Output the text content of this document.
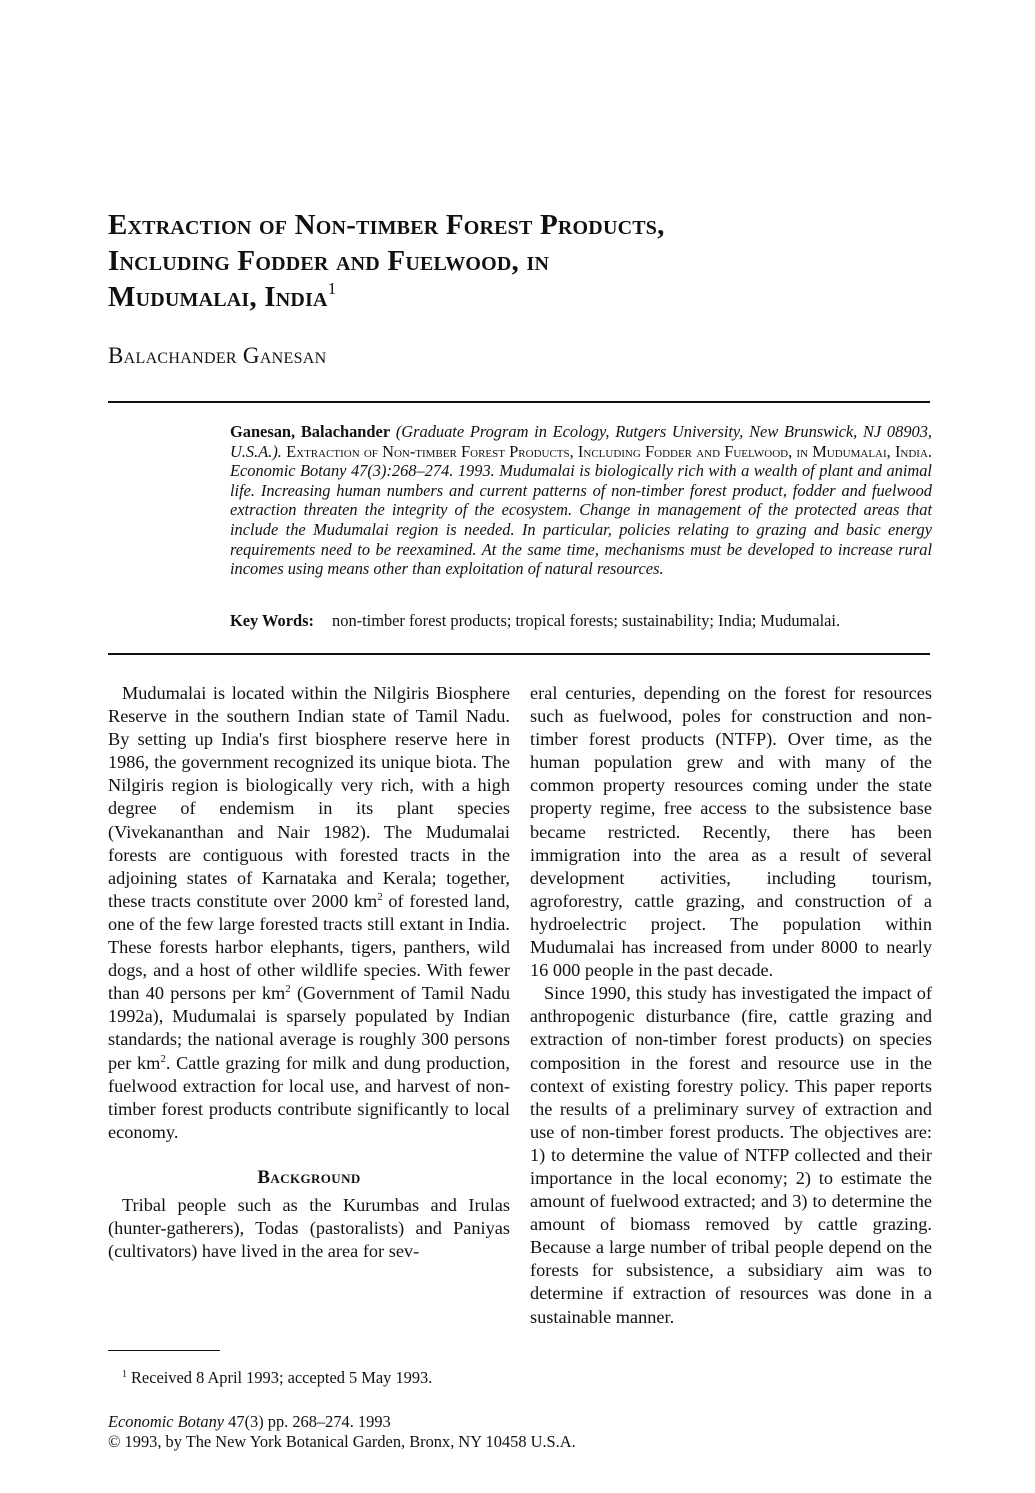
Extraction of Non-timber Forest Products,
Including Fodder and Fuelwood, in
Mudumalai, India$^1$
Balachander Ganesan
Ganesan, Balachander (Graduate Program in Ecology, Rutgers University, New Brunswick, NJ 08903, U.S.A.). Extraction of Non-timber Forest Products, Including Fodder and Fuelwood, in Mudumalai, India. Economic Botany 47(3):268–274. 1993. Mudumalai is biologically rich with a wealth of plant and animal life. Increasing human numbers and current patterns of non-timber forest product, fodder and fuelwood extraction threaten the integrity of the ecosystem. Change in management of the protected areas that include the Mudumalai region is needed. In particular, policies relating to grazing and basic energy requirements need to be reexamined. At the same time, mechanisms must be developed to increase rural incomes using means other than exploitation of natural resources.
Key Words: non-timber forest products; tropical forests; sustainability; India; Mudumalai.

Mudumalai is located within the Nilgiris Biosphere Reserve in the southern Indian state of Tamil Nadu. By setting up India's first biosphere reserve here in 1986, the government recognized its unique biota. The Nilgiris region is biologically very rich, with a high degree of endemism in its plant species (Vivekananthan and Nair 1982). The Mudumalai forests are contiguous with forested tracts in the adjoining states of Karnataka and Kerala; together, these tracts constitute over 2000 $km^2$ of forested land, one of the few large forested tracts still extant in India. These forests harbor elephants, tigers, panthers, wild dogs, and a host of other wildlife species. With fewer than 40 persons per $km^2$ (Government of Tamil Nadu 1992a), Mudumalai is sparsely populated by Indian standards; the national average is roughly 300 persons per $km^2$. Cattle grazing for milk and dung production, fuelwood extraction for local use, and harvest of non-timber forest products contribute significantly to local economy.

Background

Tribal people such as the Kurumbas and Irulas (hunter-gatherers), Todas (pastoralists) and Paniyas (cultivators) have lived in the area for sev-

eral centuries, depending on the forest for resources such as fuelwood, poles for construction and non-timber forest products (NTFP). Over time, as the human population grew and with many of the common property resources coming under the state property regime, free access to the subsistence base became restricted. Recently, there has been immigration into the area as a result of several development activities, including tourism, agroforestry, cattle grazing, and construction of a hydroelectric project. The population within Mudumalai has increased from under 8000 to nearly 16 000 people in the past decade.

Since 1990, this study has investigated the impact of anthropogenic disturbance (fire, cattle grazing and extraction of non-timber forest products) on species composition in the forest and resource use in the context of existing forestry policy. This paper reports the results of a preliminary survey of extraction and use of non-timber forest products. The objectives are: 1) to determine the value of NTFP collected and their importance in the local economy; 2) to estimate the amount of fuelwood extracted; and 3) to determine the amount of biomass removed by cattle grazing. Because a large number of tribal people depend on the forests for subsistence, a subsidiary aim was to determine if extraction of resources was done in a sustainable manner.

$^1$ Received 8 April 1993; accepted 5 May 1993.
Economic Botany 47(3) pp. 268–274. 1993
© 1993, by The New York Botanical Garden, Bronx, NY 10458 U.S.A.
